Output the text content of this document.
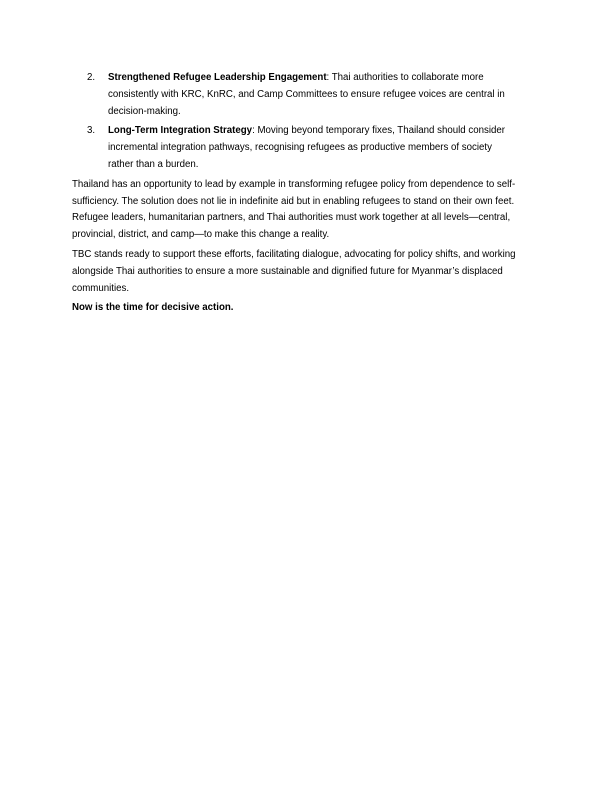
2.	Strengthened Refugee Leadership Engagement: Thai authorities to collaborate more
consistently with KRC, KnRC, and Camp Committees to ensure refugee voices are central in
decision-making.
3.	Long-Term Integration Strategy: Moving beyond temporary fixes, Thailand should consider
incremental integration pathways, recognising refugees as productive members of society
rather than a burden.
Thailand has an opportunity to lead by example in transforming refugee policy from dependence to self-
sufficiency. The solution does not lie in indefinite aid but in enabling refugees to stand on their own feet.
Refugee leaders, humanitarian partners, and Thai authorities must work together at all levels—central,
provincial, district, and camp—to make this change a reality.
TBC stands ready to support these efforts, facilitating dialogue, advocating for policy shifts, and working
alongside Thai authorities to ensure a more sustainable and dignified future for Myanmar’s displaced
communities.
Now is the time for decisive action.
